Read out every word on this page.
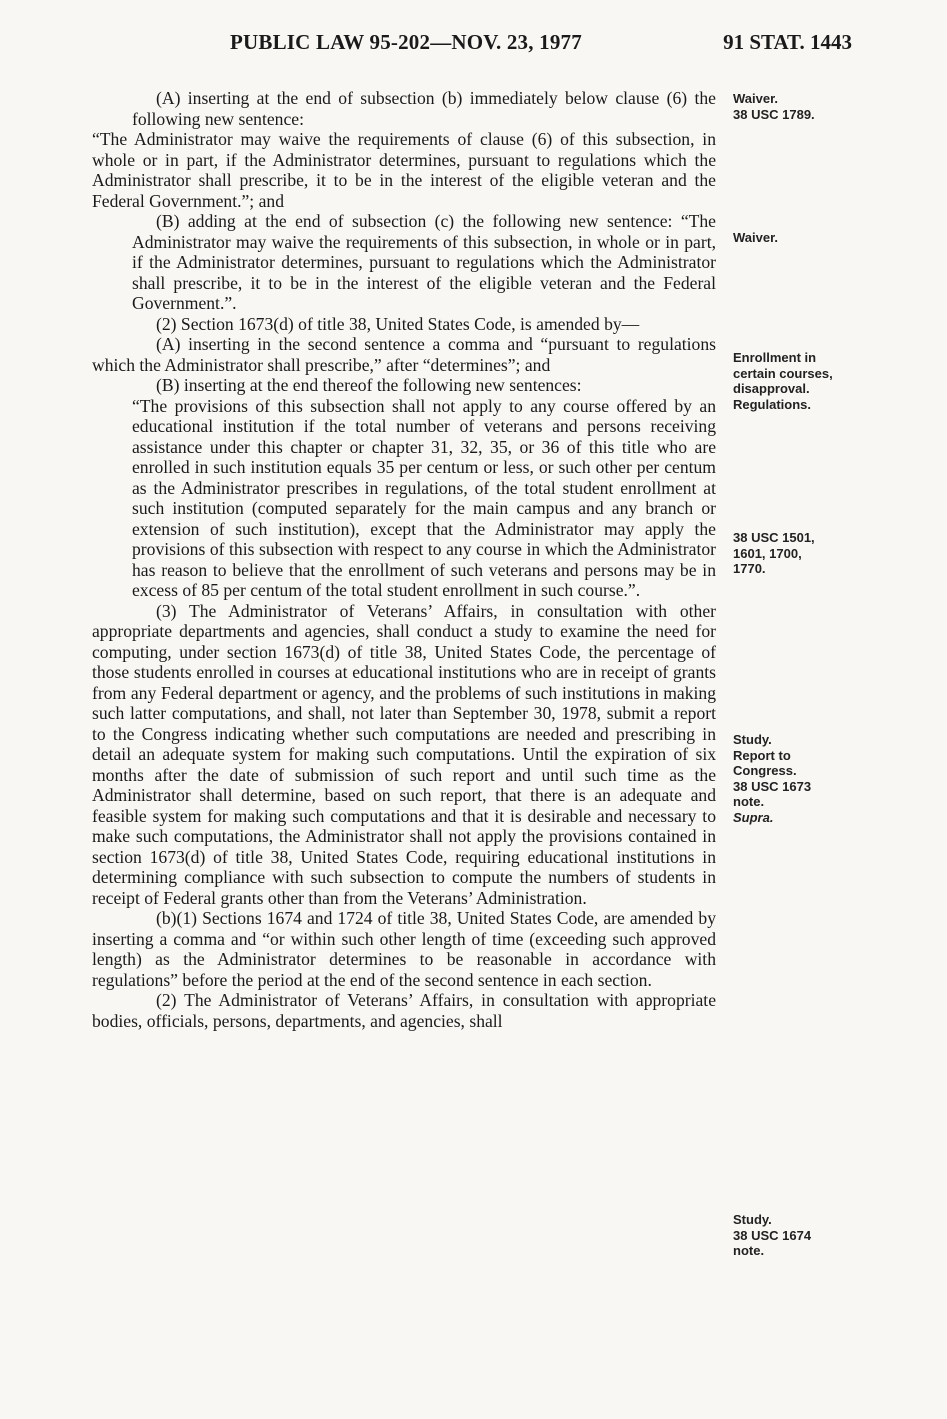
PUBLIC LAW 95-202—NOV. 23, 1977	91 STAT. 1443

(A) inserting at the end of subsection (b) immediately below clause (6) the following new sentence:

“The Administrator may waive the requirements of clause (6) of this subsection, in whole or in part, if the Administrator determines, pursuant to regulations which the Administrator shall prescribe, it to be in the interest of the eligible veteran and the Federal Government.”; and

(B) adding at the end of subsection (c) the following new sentence: “The Administrator may waive the requirements of this subsection, in whole or in part, if the Administrator determines, pursuant to regulations which the Administrator shall prescribe, it to be in the interest of the eligible veteran and the Federal Government.”.

(2) Section 1673(d) of title 38, United States Code, is amended by—

(A) inserting in the second sentence a comma and “pursuant to regulations which the Administrator shall prescribe,” after “determines”; and

(B) inserting at the end thereof the following new sentences:

“The provisions of this subsection shall not apply to any course offered by an educational institution if the total number of veterans and persons receiving assistance under this chapter or chapter 31, 32, 35, or 36 of this title who are enrolled in such institution equals 35 per centum or less, or such other per centum as the Administrator prescribes in regulations, of the total student enrollment at such institution (computed separately for the main campus and any branch or extension of such institution), except that the Administrator may apply the provisions of this subsection with respect to any course in which the Administrator has reason to believe that the enrollment of such veterans and persons may be in excess of 85 per centum of the total student enrollment in such course.”.

(3) The Administrator of Veterans’ Affairs, in consultation with other appropriate departments and agencies, shall conduct a study to examine the need for computing, under section 1673(d) of title 38, United States Code, the percentage of those students enrolled in courses at educational institutions who are in receipt of grants from any Federal department or agency, and the problems of such institutions in making such latter computations, and shall, not later than September 30, 1978, submit a report to the Congress indicating whether such computations are needed and prescribing in detail an adequate system for making such computations. Until the expiration of six months after the date of submission of such report and until such time as the Administrator shall determine, based on such report, that there is an adequate and feasible system for making such computations and that it is desirable and necessary to make such computations, the Administrator shall not apply the provisions contained in section 1673(d) of title 38, United States Code, requiring educational institutions in determining compliance with such subsection to compute the numbers of students in receipt of Federal grants other than from the Veterans’ Administration.

(b)(1) Sections 1674 and 1724 of title 38, United States Code, are amended by inserting a comma and “or within such other length of time (exceeding such approved length) as the Administrator determines to be reasonable in accordance with regulations” before the period at the end of the second sentence in each section.

(2) The Administrator of Veterans’ Affairs, in consultation with appropriate bodies, officials, persons, departments, and agencies, shall

Waiver.
38 USC 1789.
Waiver.
Enrollment in
certain courses,
disapproval.
Regulations.
38 USC 1501,
1601, 1700,
1770.
Study.
Report to
Congress.
38 USC 1673
note.
Supra.
Study.
38 USC 1674
note.
